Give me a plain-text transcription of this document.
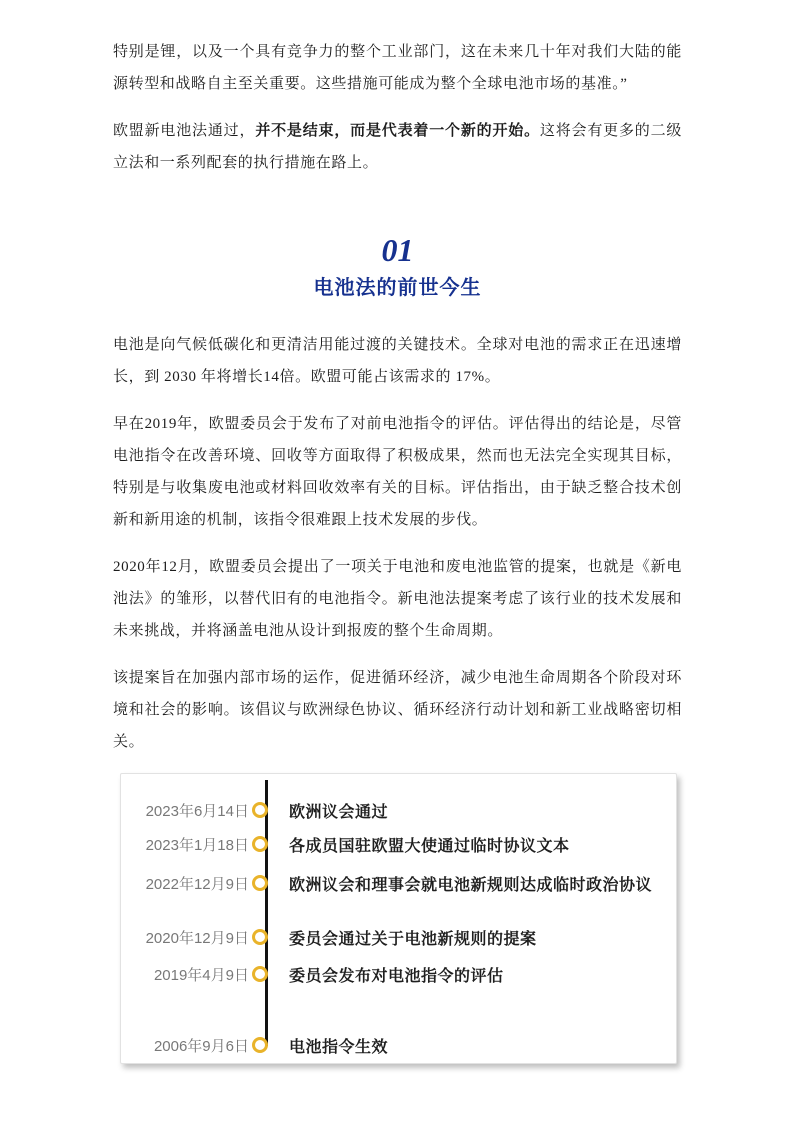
特别是锂，以及一个具有竞争力的整个工业部门，这在未来几十年对我们大陆的能源转型和战略自主至关重要。这些措施可能成为整个全球电池市场的基准。”

欧盟新电池法通过，并不是结束，而是代表着一个新的开始。这将会有更多的二级立法和一系列配套的执行措施在路上。

01
电池法的前世今生

电池是向气候低碳化和更清洁用能过渡的关键技术。全球对电池的需求正在迅速增长，到 2030 年将增长14倍。欧盟可能占该需求的 17%。

早在2019年，欧盟委员会于发布了对前电池指令的评估。评估得出的结论是，尽管电池指令在改善环境、回收等方面取得了积极成果，然而也无法完全实现其目标，特别是与收集废电池或材料回收效率有关的目标。评估指出，由于缺乏整合技术创新和新用途的机制，该指令很难跟上技术发展的步伐。

2020年12月，欧盟委员会提出了一项关于电池和废电池监管的提案，也就是《新电池法》的雏形，以替代旧有的电池指令。新电池法提案考虑了该行业的技术发展和未来挑战，并将涵盖电池从设计到报废的整个生命周期。

该提案旨在加强内部市场的运作，促进循环经济，减少电池生命周期各个阶段对环境和社会的影响。该倡议与欧洲绿色协议、循环经济行动计划和新工业战略密切相关。

2023年6月14日	欧洲议会通过
2023年1月18日	各成员国驻欧盟大使通过临时协议文本
2022年12月9日	欧洲议会和理事会就电池新规则达成临时政治协议
2020年12月9日	委员会通过关于电池新规则的提案
2019年4月9日	委员会发布对电池指令的评估
2006年9月6日	电池指令生效
